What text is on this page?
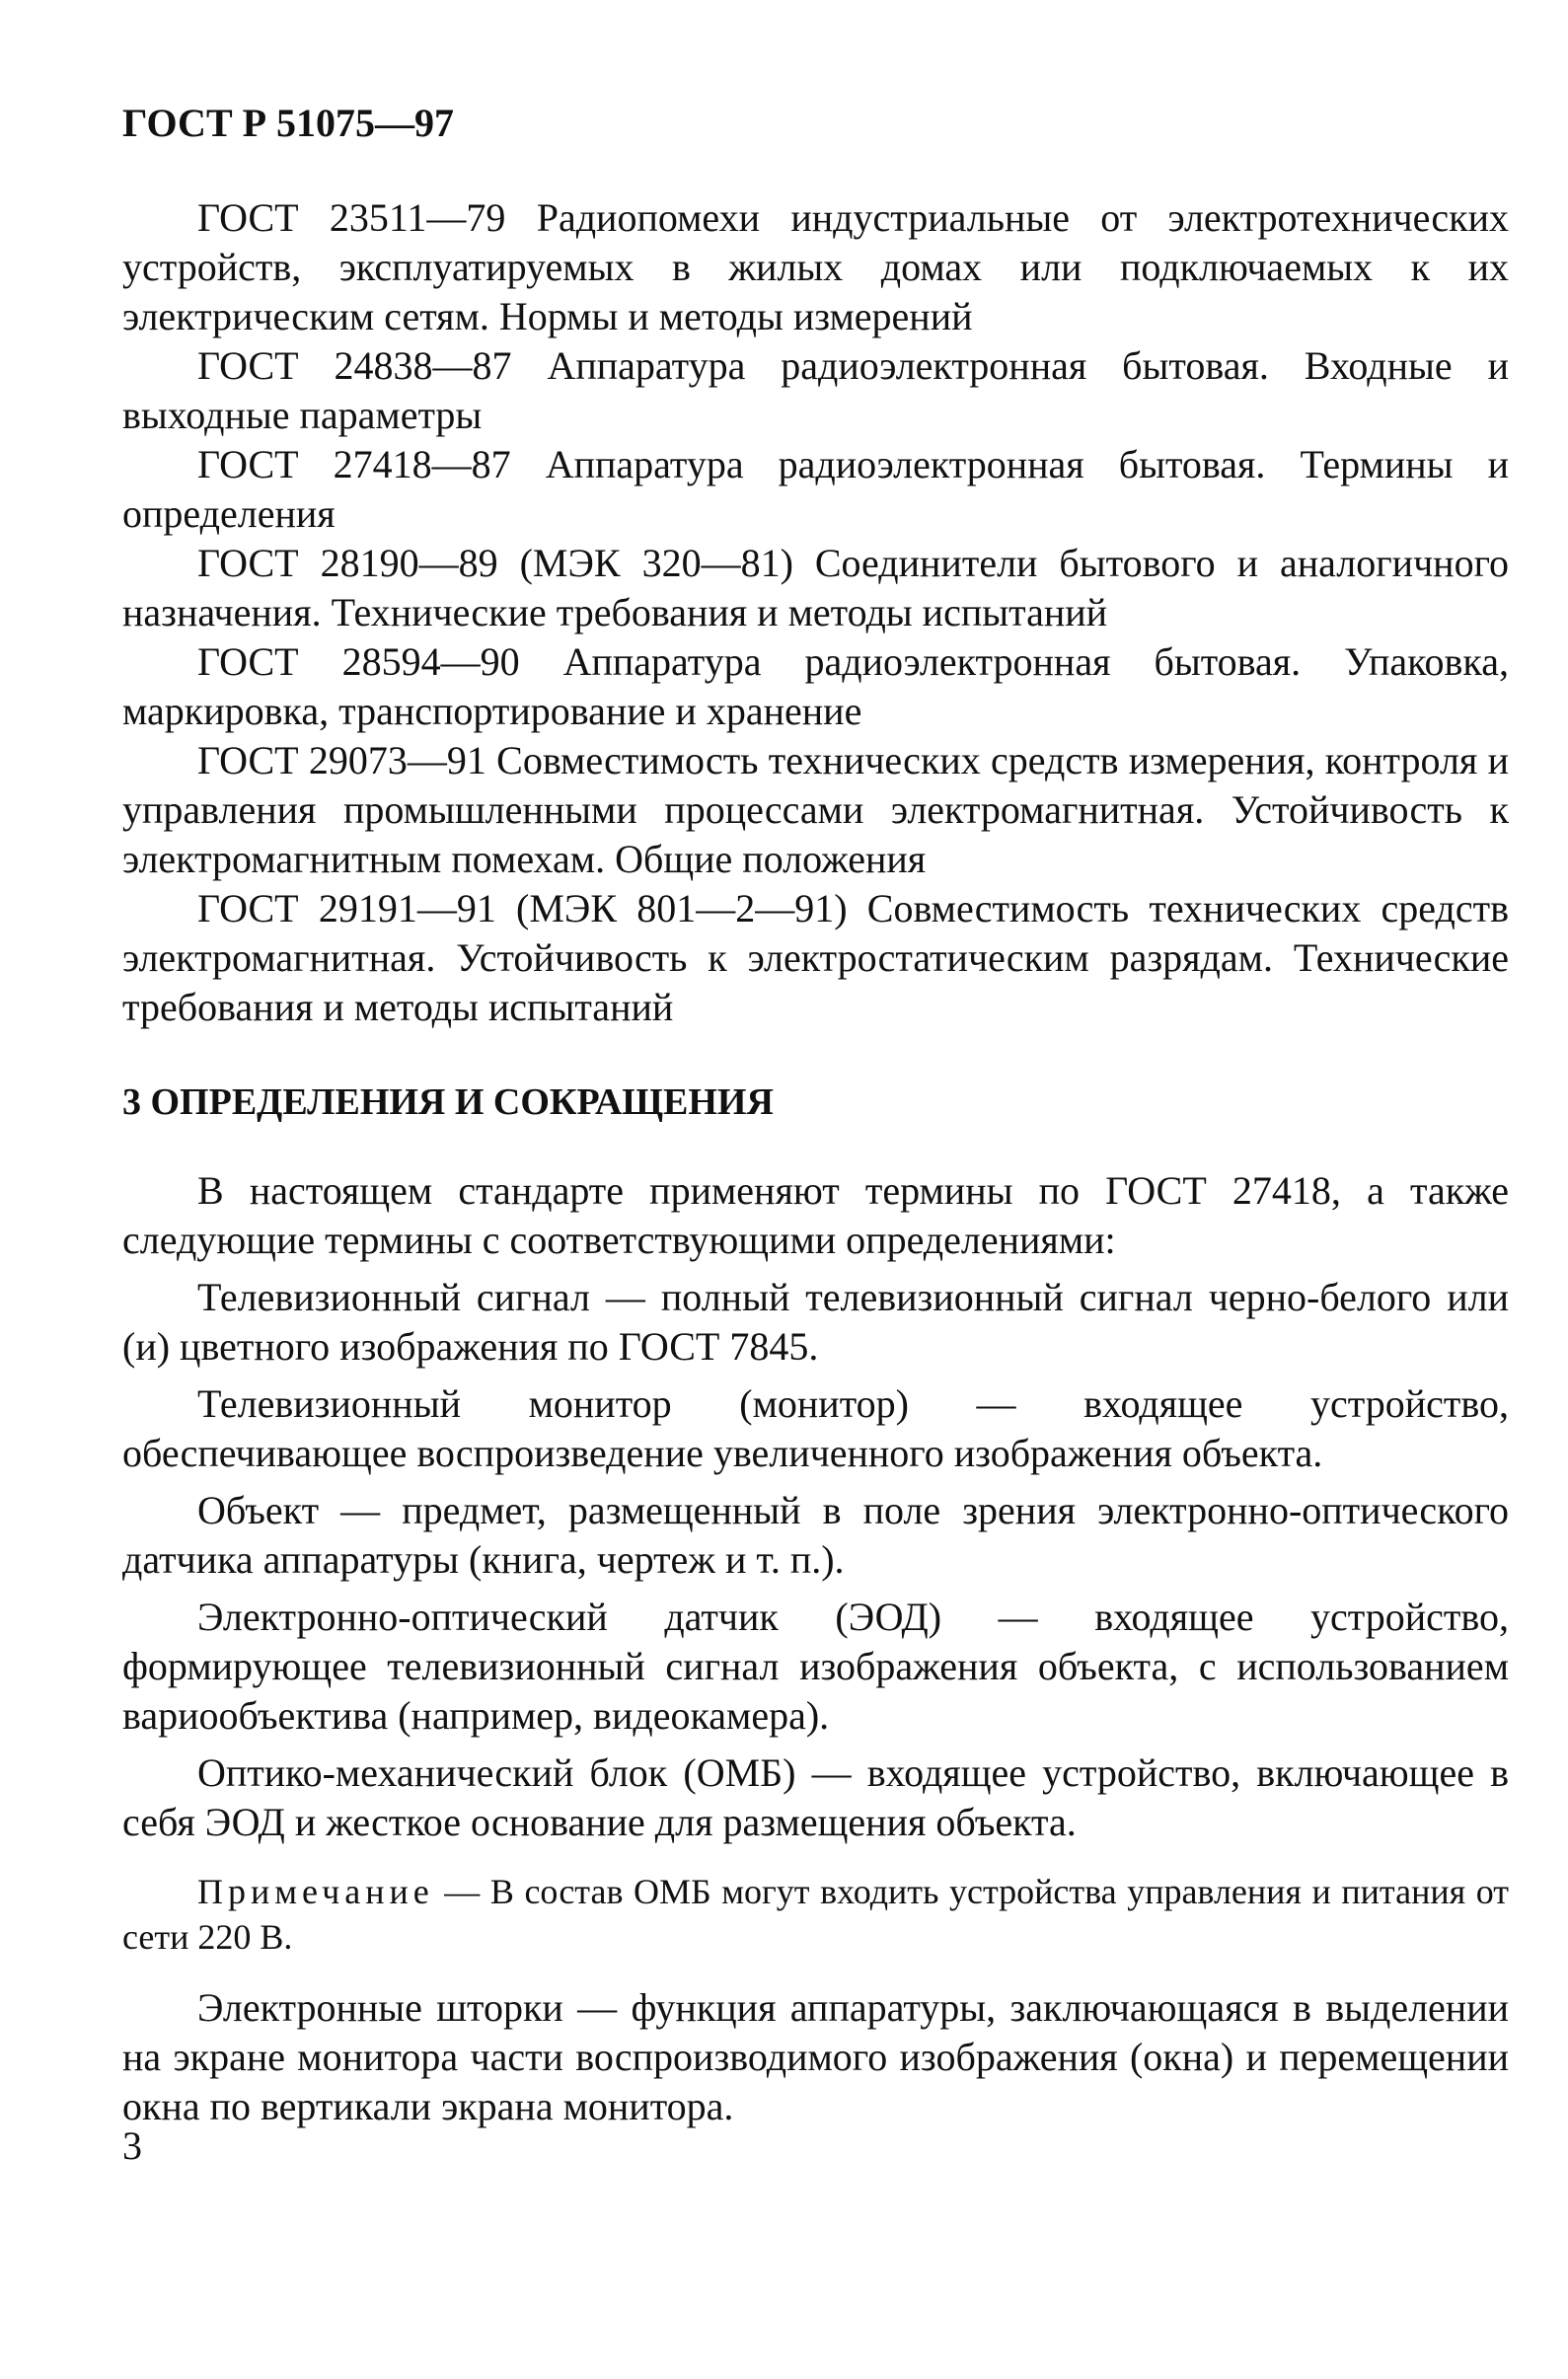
ГОСТ Р 51075—97

ГОСТ 23511—79 Радиопомехи индустриальные от электротехнических устройств, эксплуатируемых в жилых домах или подключаемых к их электрическим сетям. Нормы и методы измерений

ГОСТ 24838—87 Аппаратура радиоэлектронная бытовая. Входные и выходные параметры

ГОСТ 27418—87 Аппаратура радиоэлектронная бытовая. Термины и определения

ГОСТ 28190—89 (МЭК 320—81) Соединители бытового и аналогичного назначения. Технические требования и методы испытаний

ГОСТ 28594—90 Аппаратура радиоэлектронная бытовая. Упаковка, маркировка, транспортирование и хранение

ГОСТ 29073—91 Совместимость технических средств измерения, контроля и управления промышленными процессами электромагнитная. Устойчивость к электромагнитным помехам. Общие положения

ГОСТ 29191—91 (МЭК 801—2—91) Совместимость технических средств электромагнитная. Устойчивость к электростатическим разрядам. Технические требования и методы испытаний

3 ОПРЕДЕЛЕНИЯ И СОКРАЩЕНИЯ

В настоящем стандарте применяют термины по ГОСТ 27418, а также следующие термины с соответствующими определениями:

Телевизионный сигнал — полный телевизионный сигнал черно-белого или (и) цветного изображения по ГОСТ 7845.

Телевизионный монитор (монитор) — входящее устройство, обеспечивающее воспроизведение увеличенного изображения объекта.

Объект — предмет, размещенный в поле зрения электронно-оптического датчика аппаратуры (книга, чертеж и т. п.).

Электронно-оптический датчик (ЭОД) — входящее устройство, формирующее телевизионный сигнал изображения объекта, с использованием вариообъектива (например, видеокамера).

Оптико-механический блок (ОМБ) — входящее устройство, включающее в себя ЭОД и жесткое основание для размещения объекта.

Примечание — В состав ОМБ могут входить устройства управления и питания от сети 220 В.

Электронные шторки — функция аппаратуры, заключающаяся в выделении на экране монитора части воспроизводимого изображения (окна) и перемещении окна по вертикали экрана монитора.

3
